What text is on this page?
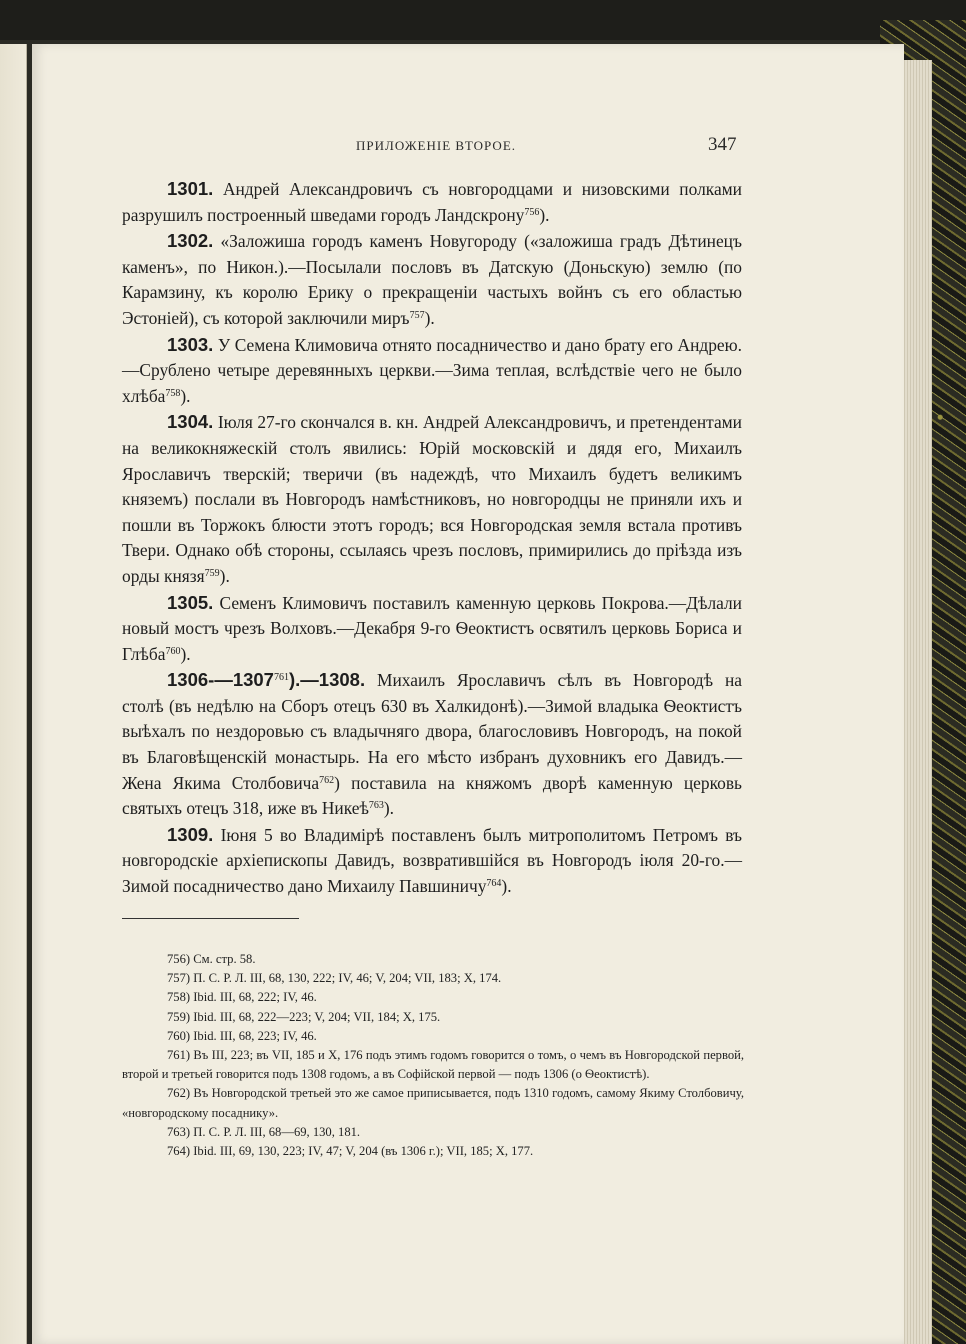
ПРИЛОЖЕНІЕ ВТОРОЕ.	347

1301. Андрей Александровичъ съ новгородцами и низовскими полками разрушилъ построенный шведами городъ Ландскрону$^{756}$).

1302. «Заложиша городъ каменъ Новугороду («заложиша градъ Дѣтинецъ каменъ», по Никон.).—Посылали пословъ въ Датскую (Доньскую) землю (по Карамзину, къ королю Ерику о прекращеніи частыхъ войнъ съ его областью Эстоніей), съ которой заключили миръ$^{757}$).

1303. У Семена Климовича отнято посадничество и дано брату его Андрею.—Срублено четыре деревянныхъ церкви.—Зима теплая, вслѣдствіе чего не было хлѣба$^{758}$).

1304. Іюля 27-го скончался в. кн. Андрей Александровичъ, и претендентами на великокняжескій столъ явились: Юрій московскій и дядя его, Михаилъ Ярославичъ тверскій; тверичи (въ надеждѣ, что Михаилъ будетъ великимъ княземъ) послали въ Новгородъ намѣстниковъ, но новгородцы не приняли ихъ и пошли въ Торжокъ блюсти этотъ городъ; вся Новгородская земля встала противъ Твери. Однако обѣ стороны, ссылаясь чрезъ пословъ, примирились до пріѣзда изъ орды князя$^{759}$).

1305. Семенъ Климовичъ поставилъ каменную церковь Покрова.—Дѣлали новый мостъ чрезъ Волховъ.—Декабря 9-го Ѳеоктистъ освятилъ церковь Бориса и Глѣба$^{760}$).

1306-—1307$^{761}$).—1308. Михаилъ Ярославичъ сѣлъ въ Новгородѣ на столѣ (въ недѣлю на Сборъ отецъ 630 въ Халкидонѣ).—Зимой владыка Ѳеоктистъ выѣхалъ по нездоровью съ владычняго двора, благословивъ Новгородъ, на покой въ Благовѣщенскій монастырь. На его мѣсто избранъ духовникъ его Давидъ.—Жена Якима Столбовича$^{762}$) поставила на княжомъ дворѣ каменную церковь святыхъ отецъ 318, иже въ Никеѣ$^{763}$).

1309. Іюня 5 во Владимірѣ поставленъ былъ митрополитомъ Петромъ въ новгородскіе архіепископы Давидъ, возвратившійся въ Новгородъ іюля 20-го.—Зимой посадничество дано Михаилу Павшиничу$^{764}$).

756) См. стр. 58.

757) П. С. Р. Л. III, 68, 130, 222; IV, 46; V, 204; VII, 183; X, 174.

758) Ibid. III, 68, 222; IV, 46.

759) Ibid. III, 68, 222—223; V, 204; VII, 184; X, 175.

760) Ibid. III, 68, 223; IV, 46.

761) Въ III, 223; въ VII, 185 и X, 176 подъ этимъ годомъ говорится о томъ, о чемъ въ Новгородской первой, второй и третьей говорится подъ 1308 годомъ, а въ Софійской первой — подъ 1306 (о Ѳеоктистѣ).

762) Въ Новгородской третьей это же самое приписывается, подъ 1310 годомъ, самому Якиму Столбовичу, «новгородскому посаднику».

763) П. С. Р. Л. III, 68—69, 130, 181.

764) Ibid. III, 69, 130, 223; IV, 47; V, 204 (въ 1306 г.); VII, 185; X, 177.
